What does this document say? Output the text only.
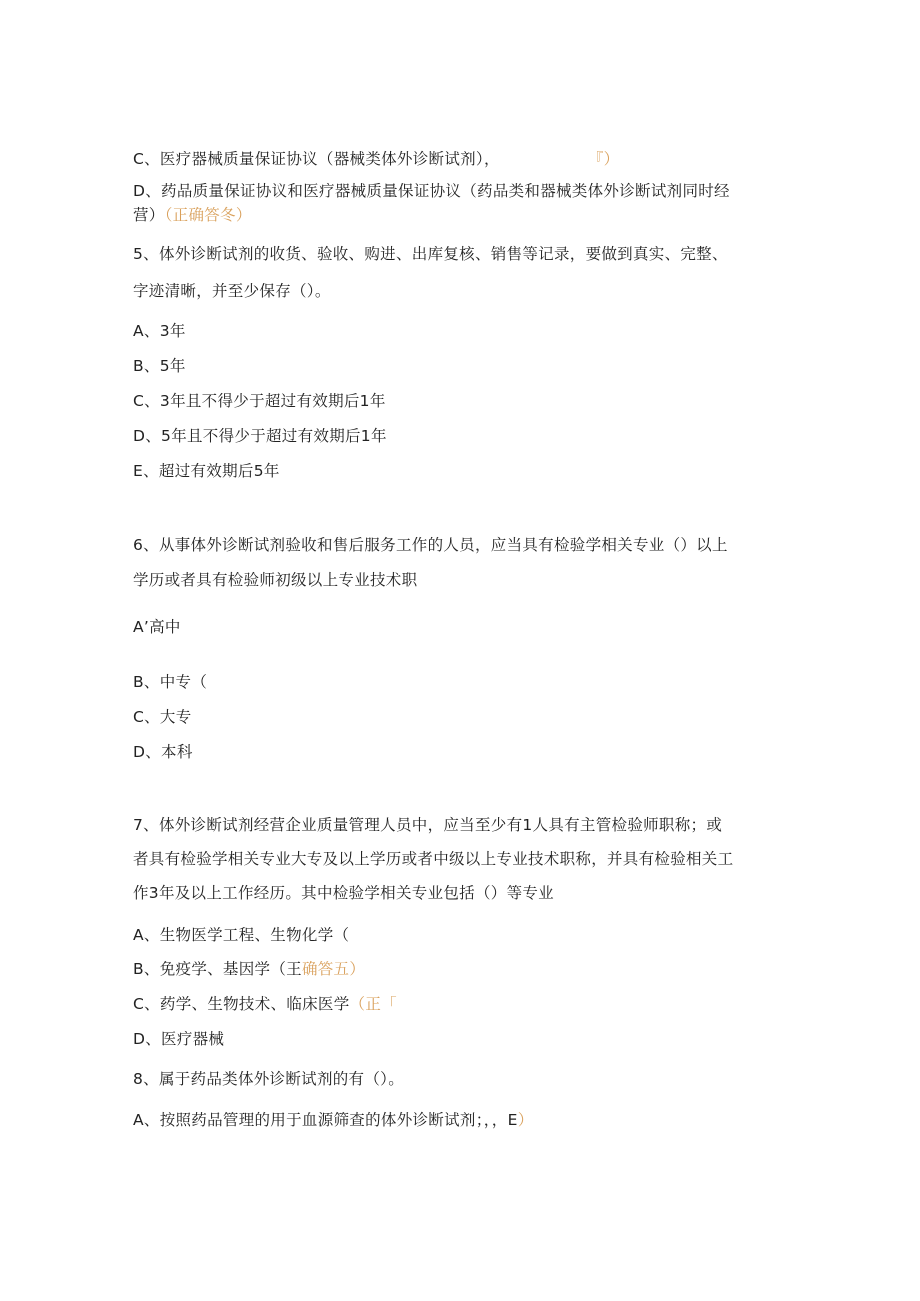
C、医疗器械质量保证协议（器械类体外诊断试剂），	『）
D、药品质量保证协议和医疗器械质量保证协议（药品类和器械类体外诊断试剂同时经
营）（正确答冬）
5、体外诊断试剂的收货、验收、购进、出库复核、销售等记录，要做到真实、完整、
字迹清晰，并至少保存（）。
A、3年
B、5年
C、3年且不得少于超过有效期后1年
D、5年且不得少于超过有效期后1年
E、超过有效期后5年
6、从事体外诊断试剂验收和售后服务工作的人员，应当具有检验学相关专业（）以上
学历或者具有检验师初级以上专业技术职
A’高中
B、中专（
C、大专
D、本科
7、体外诊断试剂经营企业质量管理人员中，应当至少有1人具有主管检验师职称；或
者具有检验学相关专业大专及以上学历或者中级以上专业技术职称，并具有检验相关工
作3年及以上工作经历。其中检验学相关专业包括（）等专业
A、生物医学工程、生物化学（
B、免疫学、基因学（王确答五）
C、药学、生物技术、临床医学（正「
D、医疗器械
8、属于药品类体外诊断试剂的有（）。
A、按照药品管理的用于血源筛查的体外诊断试剂；，，E）
